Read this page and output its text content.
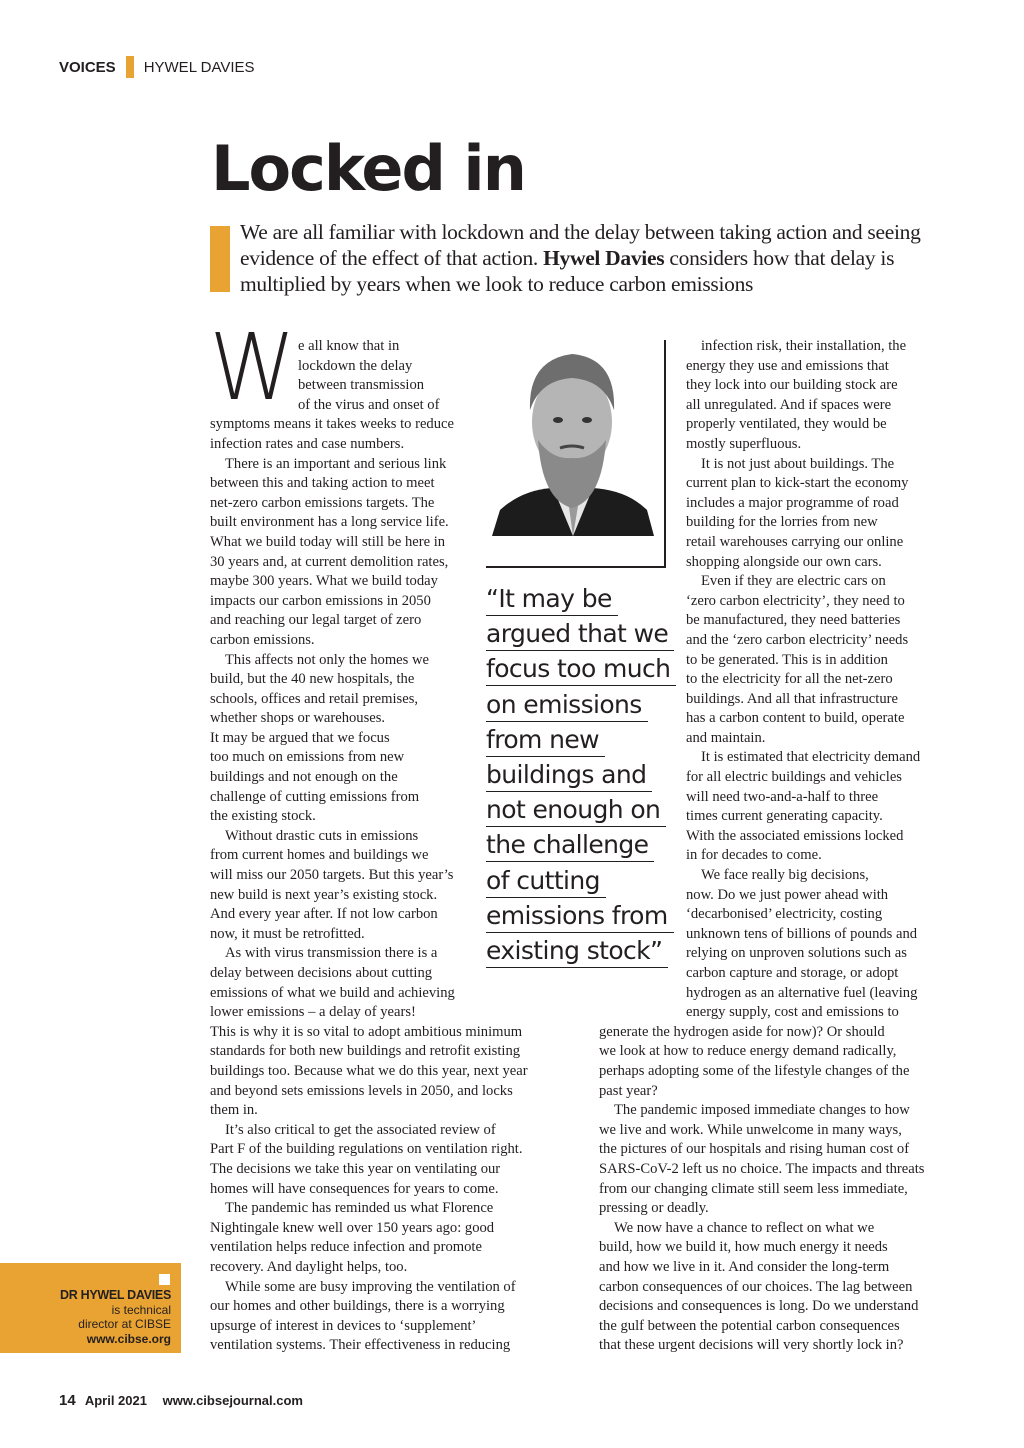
VOICES HYWEL DAVIES
Locked in
We are all familiar with lockdown and the delay between taking action and seeing evidence of the effect of that action. Hywel Davies considers how that delay is multiplied by years when we look to reduce carbon emissions
W e all know that in
lockdown the delay
between transmission
of the virus and onset of
symptoms means it takes weeks to reduce
infection rates and case numbers.
There is an important and serious link
between this and taking action to meet
net-zero carbon emissions targets. The
built environment has a long service life.
What we build today will still be here in
30 years and, at current demolition rates,
maybe 300 years. What we build today
impacts our carbon emissions in 2050
and reaching our legal target of zero
carbon emissions.
This affects not only the homes we
build, but the 40 new hospitals, the
schools, offices and retail premises,
whether shops or warehouses.
It may be argued that we focus
too much on emissions from new
buildings and not enough on the
challenge of cutting emissions from
the existing stock.
Without drastic cuts in emissions
from current homes and buildings we
will miss our 2050 targets. But this year’s
new build is next year’s existing stock.
And every year after. If not low carbon
now, it must be retrofitted.
As with virus transmission there is a
delay between decisions about cutting
emissions of what we build and achieving
lower emissions – a delay of years!
This is why it is so vital to adopt ambitious minimum
standards for both new buildings and retrofit existing
buildings too. Because what we do this year, next year
and beyond sets emissions levels in 2050, and locks
them in.
It’s also critical to get the associated review of
Part F of the building regulations on ventilation right.
The decisions we take this year on ventilating our
homes will have consequences for years to come.
The pandemic has reminded us what Florence
Nightingale knew well over 150 years ago: good
ventilation helps reduce infection and promote
recovery. And daylight helps, too.
While some are busy improving the ventilation of
our homes and other buildings, there is a worrying
upsurge of interest in devices to ‘supplement’
ventilation systems. Their effectiveness in reducing
infection risk, their installation, the
energy they use and emissions that
they lock into our building stock are
all unregulated. And if spaces were
properly ventilated, they would be
mostly superfluous.
It is not just about buildings. The
current plan to kick-start the economy
includes a major programme of road
building for the lorries from new
retail warehouses carrying our online
shopping alongside our own cars.
Even if they are electric cars on
‘zero carbon electricity’, they need to
be manufactured, they need batteries
and the ‘zero carbon electricity’ needs
to be generated. This is in addition
to the electricity for all the net-zero
buildings. And all that infrastructure
has a carbon content to build, operate
and maintain.
It is estimated that electricity demand
for all electric buildings and vehicles
will need two-and-a-half to three
times current generating capacity.
With the associated emissions locked
in for decades to come.
We face really big decisions,
now. Do we just power ahead with
‘decarbonised’ electricity, costing
unknown tens of billions of pounds and
relying on unproven solutions such as
carbon capture and storage, or adopt
hydrogen as an alternative fuel (leaving
energy supply, cost and emissions to
generate the hydrogen aside for now)? Or should
we look at how to reduce energy demand radically,
perhaps adopting some of the lifestyle changes of the
past year?
The pandemic imposed immediate changes to how
we live and work. While unwelcome in many ways,
the pictures of our hospitals and rising human cost of
SARS-CoV-2 left us no choice. The impacts and threats
from our changing climate still seem less immediate,
pressing or deadly.
We now have a chance to reflect on what we
build, how we build it, how much energy it needs
and how we live in it. And consider the long-term
carbon consequences of our choices. The lag between
decisions and consequences is long. Do we understand
the gulf between the potential carbon consequences
that these urgent decisions will very shortly lock in?
“It may be
argued that we
focus too much
on emissions
from new
buildings and
not enough on
the challenge
of cutting
emissions from
existing stock”
DR HYWEL DAVIES
is technical
director at CIBSE
www.cibse.org
14 April 2021 www.cibsejournal.com
